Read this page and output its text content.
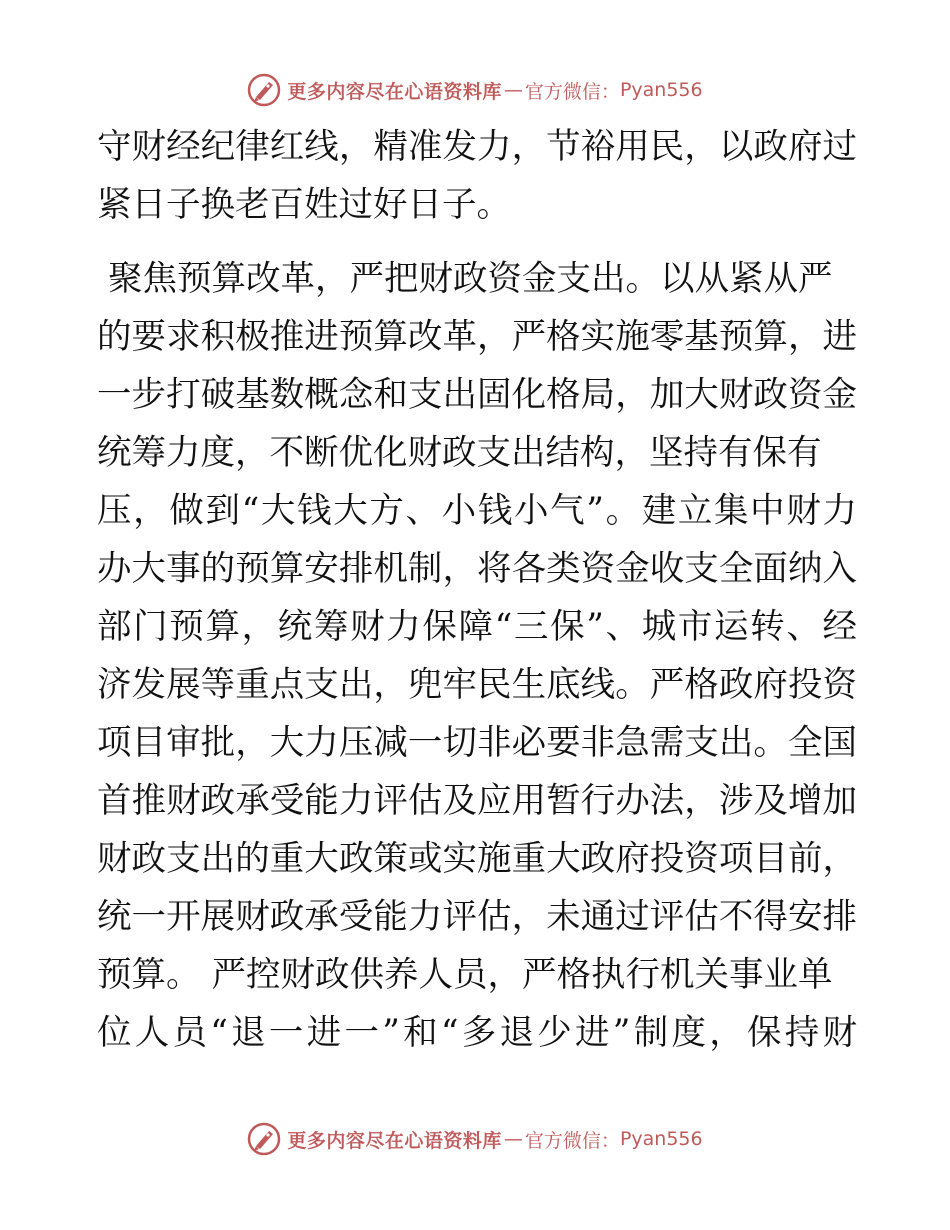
更多内容尽在心语资料库 — 官方微信： Pyan556
守财经纪律红线，精准发力，节裕用民，以政府过
紧日子换老百姓过好日子。
聚焦预算改革，严把财政资金支出。以从紧从严
的要求积极推进预算改革，严格实施零基预算，进
一步打破基数概念和支出固化格局，加大财政资金
统筹力度，不断优化财政支出结构，坚持有保有
压，做到“大钱大方、小钱小气”。建立集中财力
办大事的预算安排机制，将各类资金收支全面纳入
部门预算，统筹财力保障“三保”、城市运转、经
济发展等重点支出，兜牢民生底线。严格政府投资
项目审批，大力压减一切非必要非急需支出。全国
首推财政承受能力评估及应用暂行办法，涉及增加
财政支出的重大政策或实施重大政府投资项目前，
统一开展财政承受能力评估，未通过评估不得安排
预算。 严控财政供养人员，严格执行机关事业单
位人员“退一进一”和“多退少进”制度，保持财
更多内容尽在心语资料库 — 官方微信： Pyan556
